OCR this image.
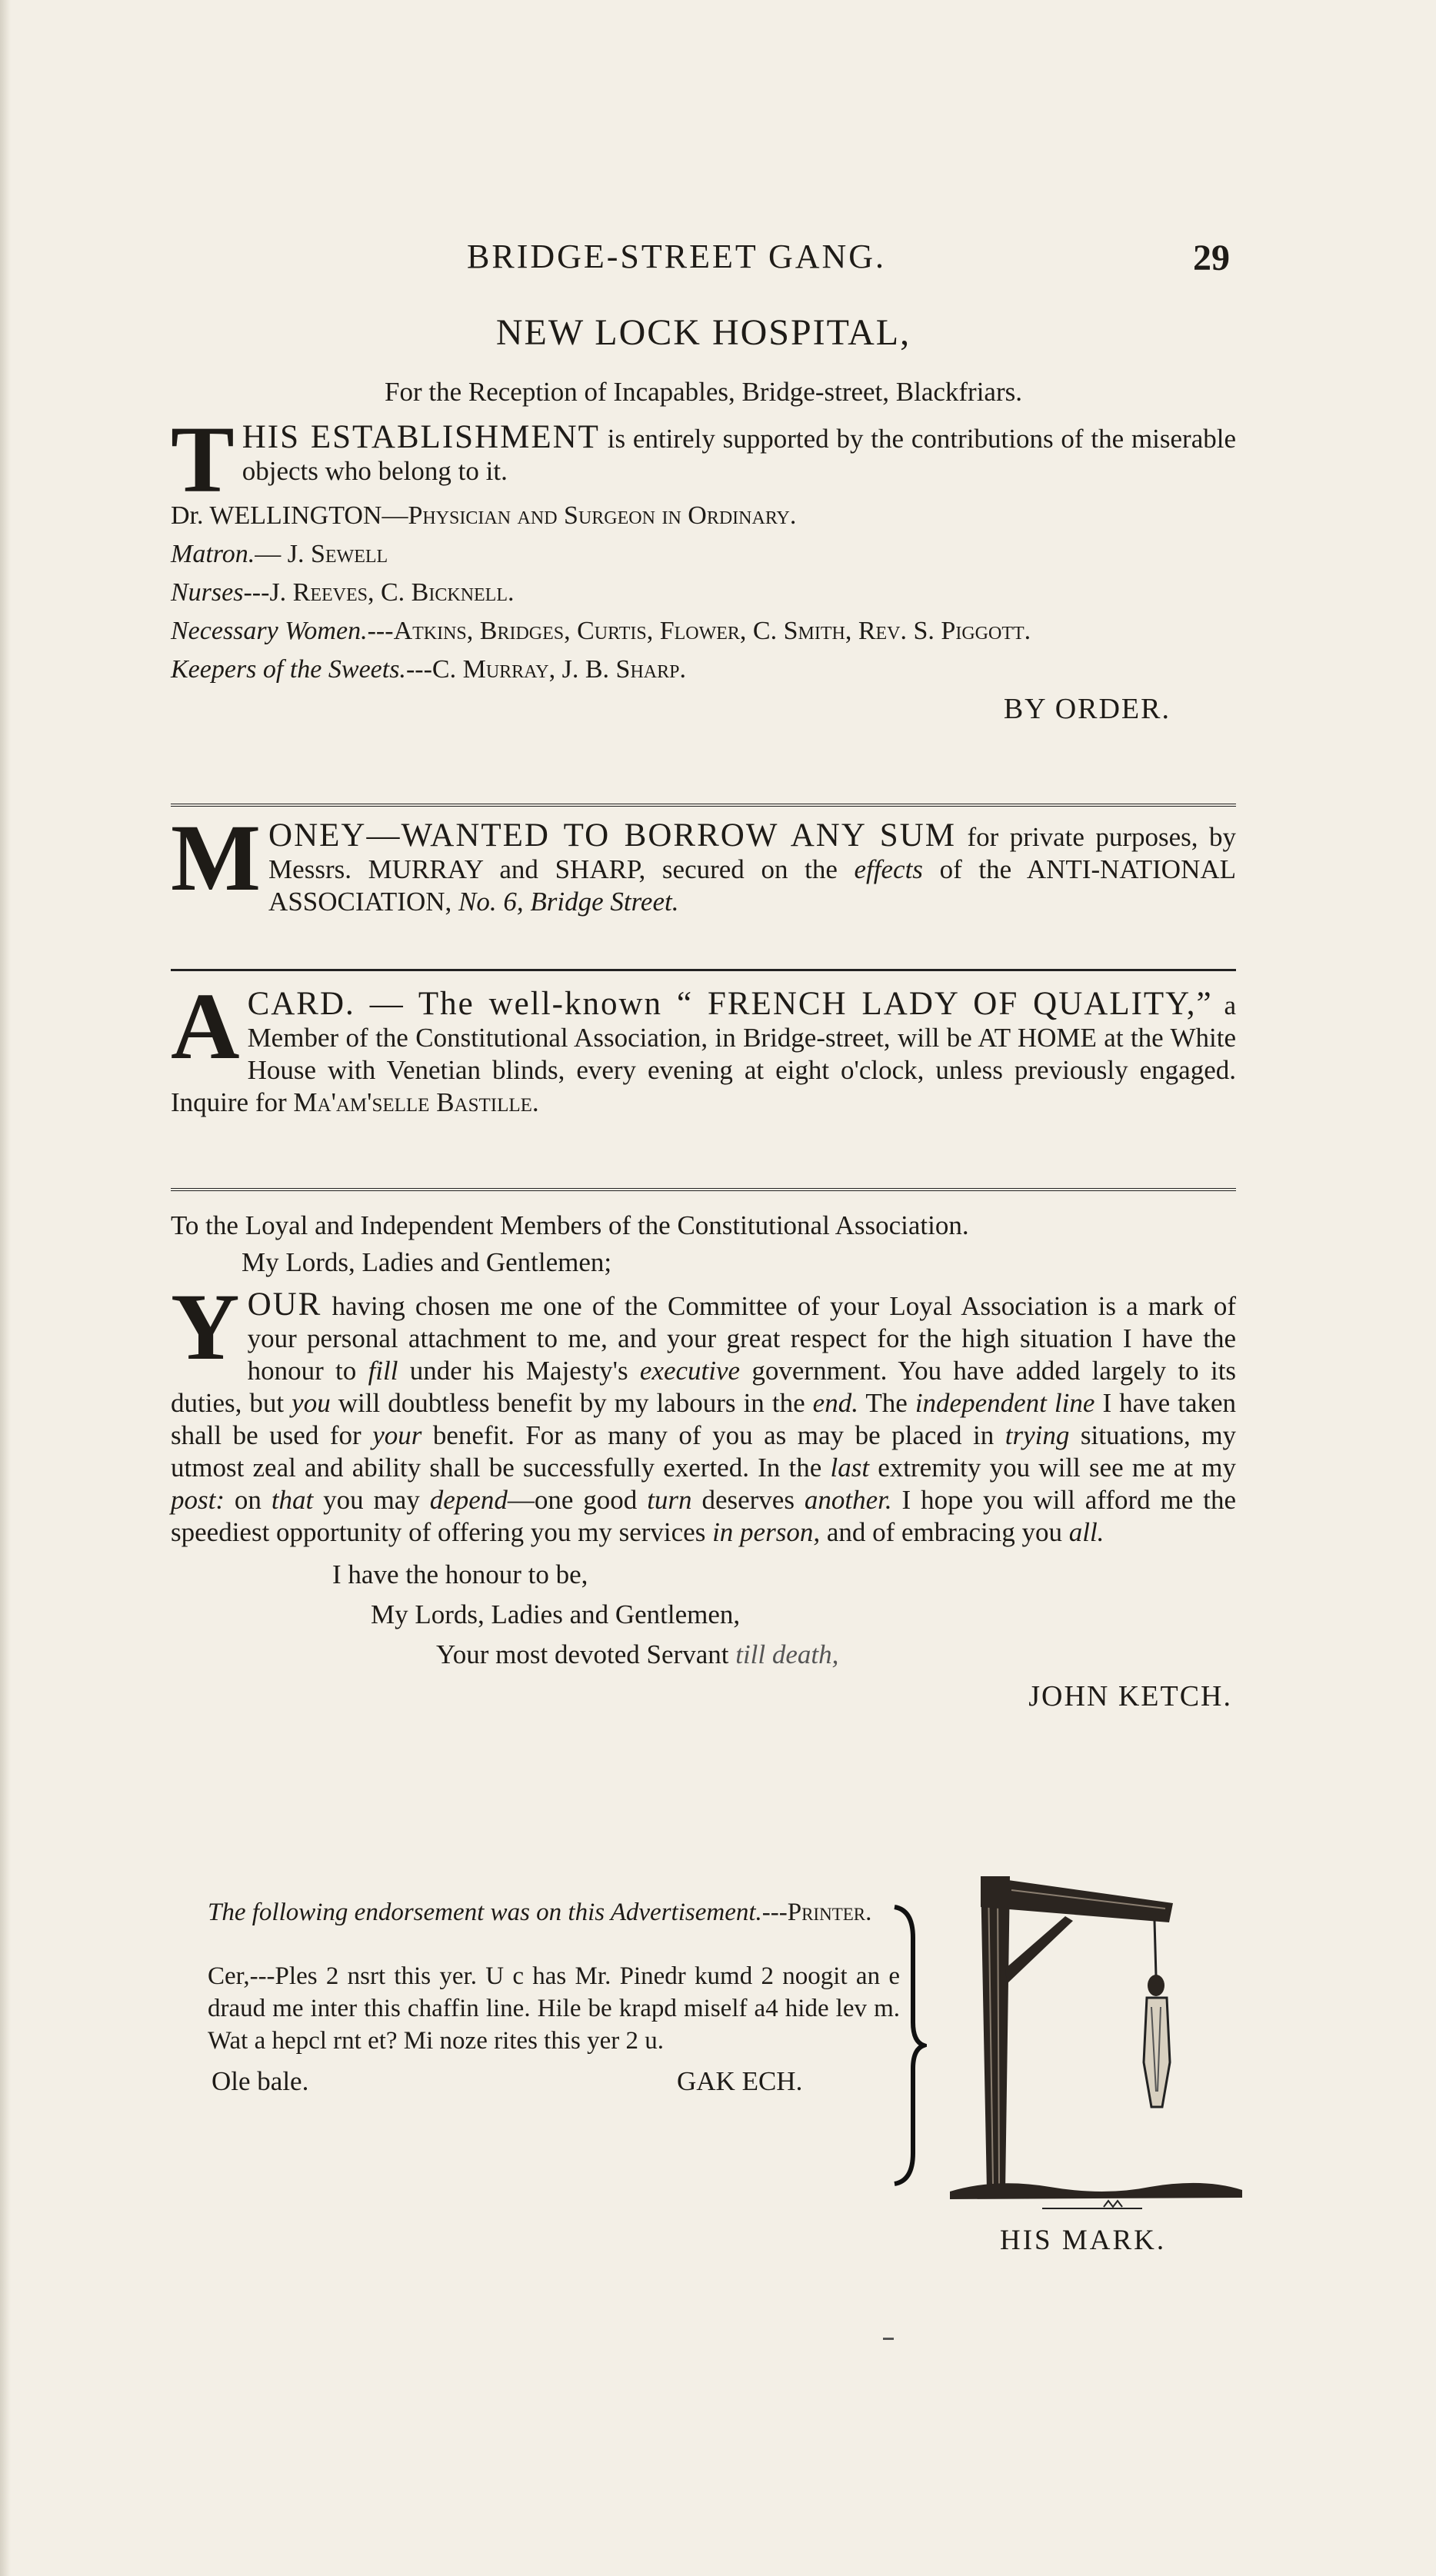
BRIDGE-STREET GANG.	29
NEW LOCK HOSPITAL,
For the Reception of Incapables, Bridge-street, Blackfriars.
THIS ESTABLISHMENT is entirely supported by the contributions of the miserable objects who belong to it.
Dr. WELLINGTON—Physician and Surgeon in Ordinary.
Matron.— J. Sewell
Nurses---J. Reeves, C. Bicknell.
Necessary Women.---Atkins, Bridges, Curtis, Flower, C. Smith, Rev. S. Piggott.
Keepers of the Sweets.---C. Murray, J. B. Sharp.
BY ORDER.
MONEY—WANTED TO BORROW ANY SUM for private purposes, by Messrs. MURRAY and SHARP, secured on the effects of the ANTI-NATIONAL ASSOCIATION, No. 6, Bridge Street.
ACARD. — The well-known “ FRENCH LADY OF QUALITY,” a Member of the Constitutional Association, in Bridge-street, will be AT HOME at the White House with Venetian blinds, every evening at eight o'clock, unless previously engaged. Inquire for Ma'am'selle Bastille.
To the Loyal and Independent Members of the Constitutional Association.
My Lords, Ladies and Gentlemen;
YOUR having chosen me one of the Committee of your Loyal Association is a mark of your personal attachment to me, and your great respect for the high situation I have the honour to fill under his Majesty's executive government. You have added largely to its duties, but you will doubtless benefit by my labours in the end. The independent line I have taken shall be used for your benefit. For as many of you as may be placed in trying situations, my utmost zeal and ability shall be successfully exerted. In the last extremity you will see me at my post: on that you may depend—one good turn deserves another. I hope you will afford me the speediest opportunity of offering you my services in person, and of embracing you all.
I have the honour to be,
My Lords, Ladies and Gentlemen,
Your most devoted Servant till death,
JOHN KETCH.
The following endorsement was on this Advertisement.---Printer.
Cer,---Ples 2 nsrt this yer. U c has Mr. Pinedr kumd 2 noogit an e draud me inter this chaffin line. Hile be krapd miself a4 hide lev m. Wat a hepcl rnt et? Mi noze rites this yer 2 u.
Ole bale.	GAK ECH.
HIS MARK.
